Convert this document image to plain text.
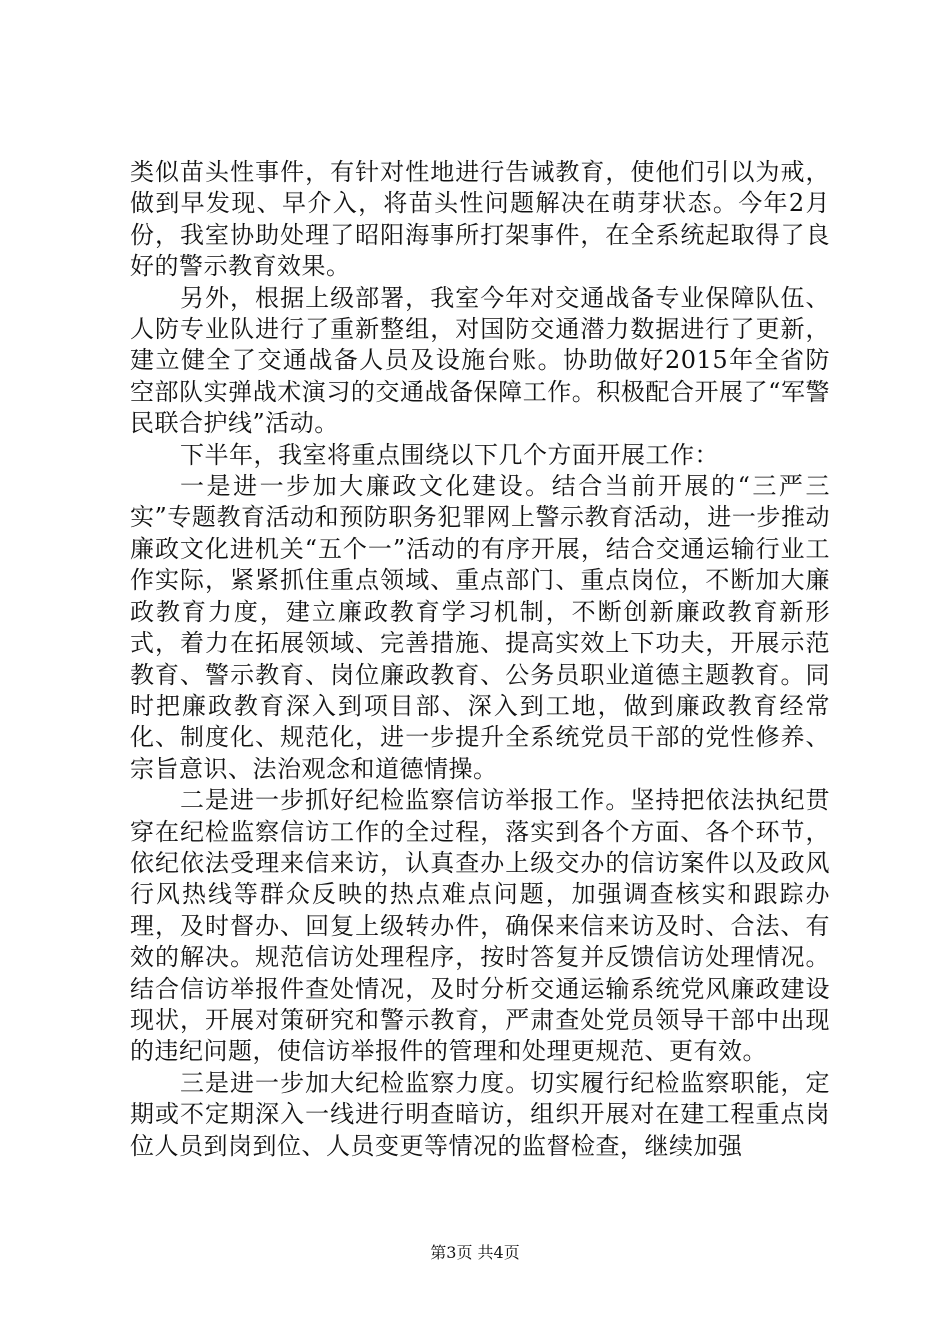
类似苗头性事件，有针对性地进行告诫教育，使他们引以为戒，做到早发现、早介入，将苗头性问题解决在萌芽状态。今年2月份，我室协助处理了昭阳海事所打架事件，在全系统起取得了良好的警示教育效果。

另外，根据上级部署，我室今年对交通战备专业保障队伍、人防专业队进行了重新整组，对国防交通潜力数据进行了更新，建立健全了交通战备人员及设施台账。协助做好2015年全省防空部队实弹战术演习的交通战备保障工作。积极配合开展了“军警民联合护线”活动。

下半年，我室将重点围绕以下几个方面开展工作：

一是进一步加大廉政文化建设。结合当前开展的“三严三实”专题教育活动和预防职务犯罪网上警示教育活动，进一步推动廉政文化进机关“五个一”活动的有序开展，结合交通运输行业工作实际，紧紧抓住重点领域、重点部门、重点岗位，不断加大廉政教育力度，建立廉政教育学习机制，不断创新廉政教育新形式，着力在拓展领域、完善措施、提高实效上下功夫，开展示范教育、警示教育、岗位廉政教育、公务员职业道德主题教育。同时把廉政教育深入到项目部、深入到工地，做到廉政教育经常化、制度化、规范化，进一步提升全系统党员干部的党性修养、宗旨意识、法治观念和道德情操。

二是进一步抓好纪检监察信访举报工作。坚持把依法执纪贯穿在纪检监察信访工作的全过程，落实到各个方面、各个环节，依纪依法受理来信来访，认真查办上级交办的信访案件以及政风行风热线等群众反映的热点难点问题，加强调查核实和跟踪办理，及时督办、回复上级转办件，确保来信来访及时、合法、有效的解决。规范信访处理程序，按时答复并反馈信访处理情况。结合信访举报件查处情况，及时分析交通运输系统党风廉政建设现状，开展对策研究和警示教育，严肃查处党员领导干部中出现的违纪问题，使信访举报件的管理和处理更规范、更有效。

三是进一步加大纪检监察力度。切实履行纪检监察职能，定期或不定期深入一线进行明查暗访，组织开展对在建工程重点岗位人员到岗到位、人员变更等情况的监督检查，继续加强

第3页 共4页
